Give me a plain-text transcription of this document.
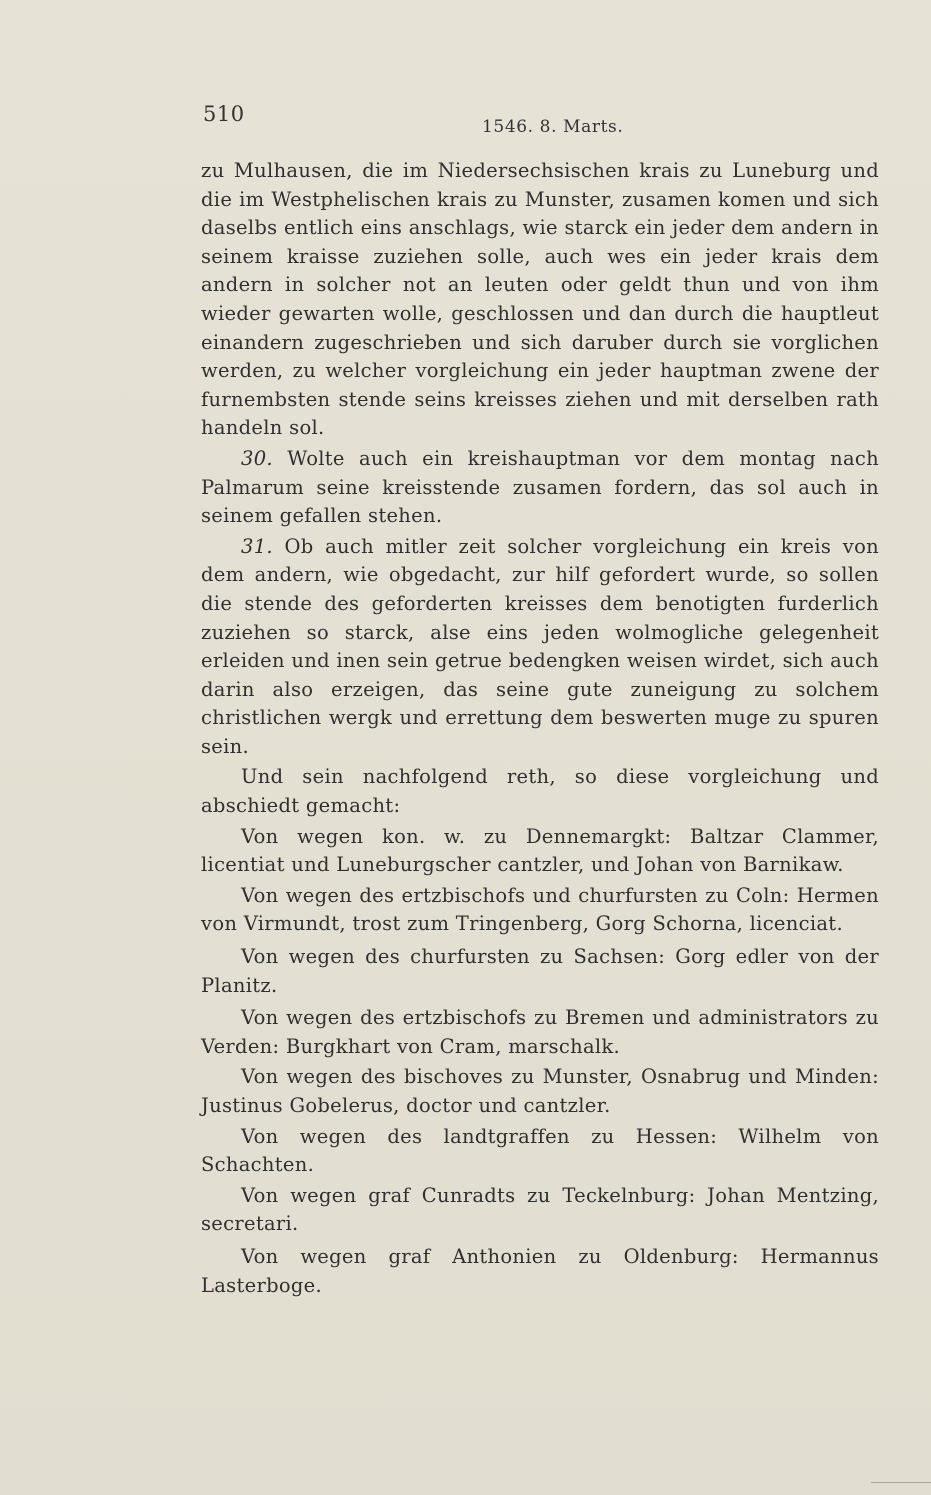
510
1546. 8. Marts.

zu Mulhausen, die im Niedersechsischen krais zu Luneburg und die im Westphelischen krais zu Munster, zusamen komen und sich daselbs entlich eins anschlags, wie starck ein jeder dem andern in seinem kraisse zuziehen solle, auch wes ein jeder krais dem andern in solcher not an leuten oder geldt thun und von ihm wieder gewarten wolle, geschlossen und dan durch die hauptleut einandern zugeschrieben und sich daruber durch sie vorglichen werden, zu welcher vorgleichung ein jeder hauptman zwene der furnembsten stende seins kreisses ziehen und mit derselben rath handeln sol.

30. Wolte auch ein kreishauptman vor dem montag nach Palmarum seine kreisstende zusamen fordern, das sol auch in seinem gefallen stehen.

31. Ob auch mitler zeit solcher vorgleichung ein kreis von dem andern, wie obgedacht, zur hilf gefordert wurde, so sollen die stende des geforderten kreisses dem benotigten furderlich zuziehen so starck, alse eins jeden wolmogliche gelegenheit erleiden und inen sein getrue bedengken weisen wirdet, sich auch darin also erzeigen, das seine gute zuneigung zu solchem christlichen wergk und errettung dem beswerten muge zu spuren sein.

Und sein nachfolgend reth, so diese vorgleichung und abschiedt gemacht:

Von wegen kon. w. zu Dennemargkt: Baltzar Clammer, licentiat und Luneburgscher cantzler, und Johan von Barnikaw.

Von wegen des ertzbischofs und churfursten zu Coln: Hermen von Virmundt, trost zum Tringenberg, Gorg Schorna, licenciat.

Von wegen des churfursten zu Sachsen: Gorg edler von der Planitz.

Von wegen des ertzbischofs zu Bremen und administrators zu Verden: Burgkhart von Cram, marschalk.

Von wegen des bischoves zu Munster, Osnabrug und Minden: Justinus Gobelerus, doctor und cantzler.

Von wegen des landtgraffen zu Hessen: Wilhelm von Schachten.

Von wegen graf Cunradts zu Teckelnburg: Johan Mentzing, secretari.

Von wegen graf Anthonien zu Oldenburg: Hermannus Lasterboge.
